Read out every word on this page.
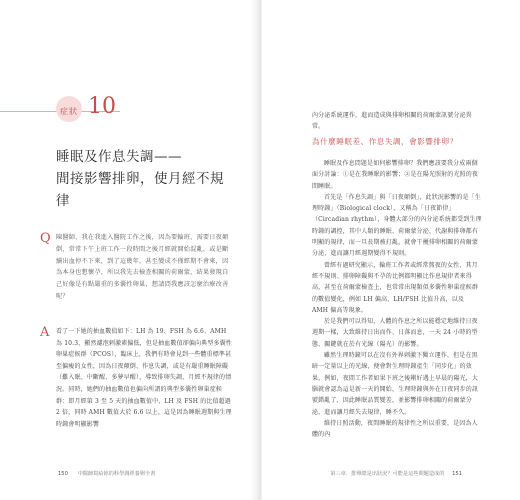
症狀 10
睡眠及作息失調——
間接影響排卵，使月經不規律
Q 陳醫師，我在我進入醫院工作之後，因為要輪班，需要日夜顛倒，常常下午上班工作一段時間之後月經就開始混亂，或是斷續出血停不下來，到了這幾年，甚至變成不僅經期不會來，因為本身也想懷孕，所以我先去檢查相關的荷爾蒙，結果發現自己好像是有點嚴重的多囊性卵巢，想請問我應該怎麼治療改善呢？
A 看了一下她的抽血數值如下：LH 為 19、FSH 為 6.6、AMH 為 10.3，顯然濾泡刺激素偏低，但是抽血數值卻偏向典型多囊性卵巢症候群（PCOS），臨床上，我們有時會見到一些體重標準甚至偏瘦的女性，因為日夜顛倒、作息失調，或是有嚴重睡眠障礙（難入眠、中斷醒、多夢早醒），導致排卵失調，月經不規律的情況。同時，她們的抽血數值也偏向所謂的典型多囊性卵巢症候群：即月經第 3 至 5 天的抽血數值中，LH 及 FSH 的比值超過 2 倍，同時 AMH 數值大於 6.6 以上，這是因為睡眠週期與生理時鐘會明顯影響
150 中醫師寫給妳的科學調經養卵全書
內分泌系統運作，進而造成與排卵相關的荷爾蒙訊號分泌異常。
為什麼睡眠差、作息失調，會影響排卵？

睡眠及作息問題是如何影響排卵？我們應該要我分成兩個面分討論：①是在我睡眠的影響；②是在陽光照射的光照的夜間睡眠。

首先是「作息失調」與「日夜顛倒」，此狀況影響的是「生理時鐘」（Biological clock），又稱為「日夜節律」（Circadian rhythm），身體大部分的內分泌系統都受到生理時鐘的調控，其中人類的睡眠、荷爾蒙分泌、代謝與排卵都有明顯的規律，而一旦長期被打亂，就會干擾排卵相關的荷爾蒙分泌，進而讓月經週期變得不規則。

曾經有過研究顯示，輪班工作者或經常熬夜的女性，其月經不規則、排卵障礙與不孕的比例都明顯比作息規律者來得高，甚至在荷爾蒙檢查上，也常常出現類似多囊性卵巢症候群的數值變化，例如 LH 偏高、LH/FSH 比值升高，以及 AMH 偏高等現象。

於是我們可以得知，人體的作息之所以能穩定地維持日夜週期一樣，大致維持日出而作、日落而息，一天 24 小時的型態，關鍵就在於有光線（陽光）的影響。

雖然生理時鐘可以在沒有外界刺激下獨立運作，但是在黑暗一定量以上的光線，便會對生理時鐘產生「同步化」的效果，例如，夜間工作者如果下班之後剛好遇上早晨的陽光，大腦就會認為這是新一天的開始，生理時鐘與外在日夜同步的訊號錯亂了，因此睡眠品質變差，並影響排卵相關的荷爾蒙分泌，進而讓月經失去規律，睡不久。

維持日照活動，夜間睡眠的規律性之所以重要，是因為人體的內

第三章．排卵總是出狀況？可能是這些問題造成的 151
